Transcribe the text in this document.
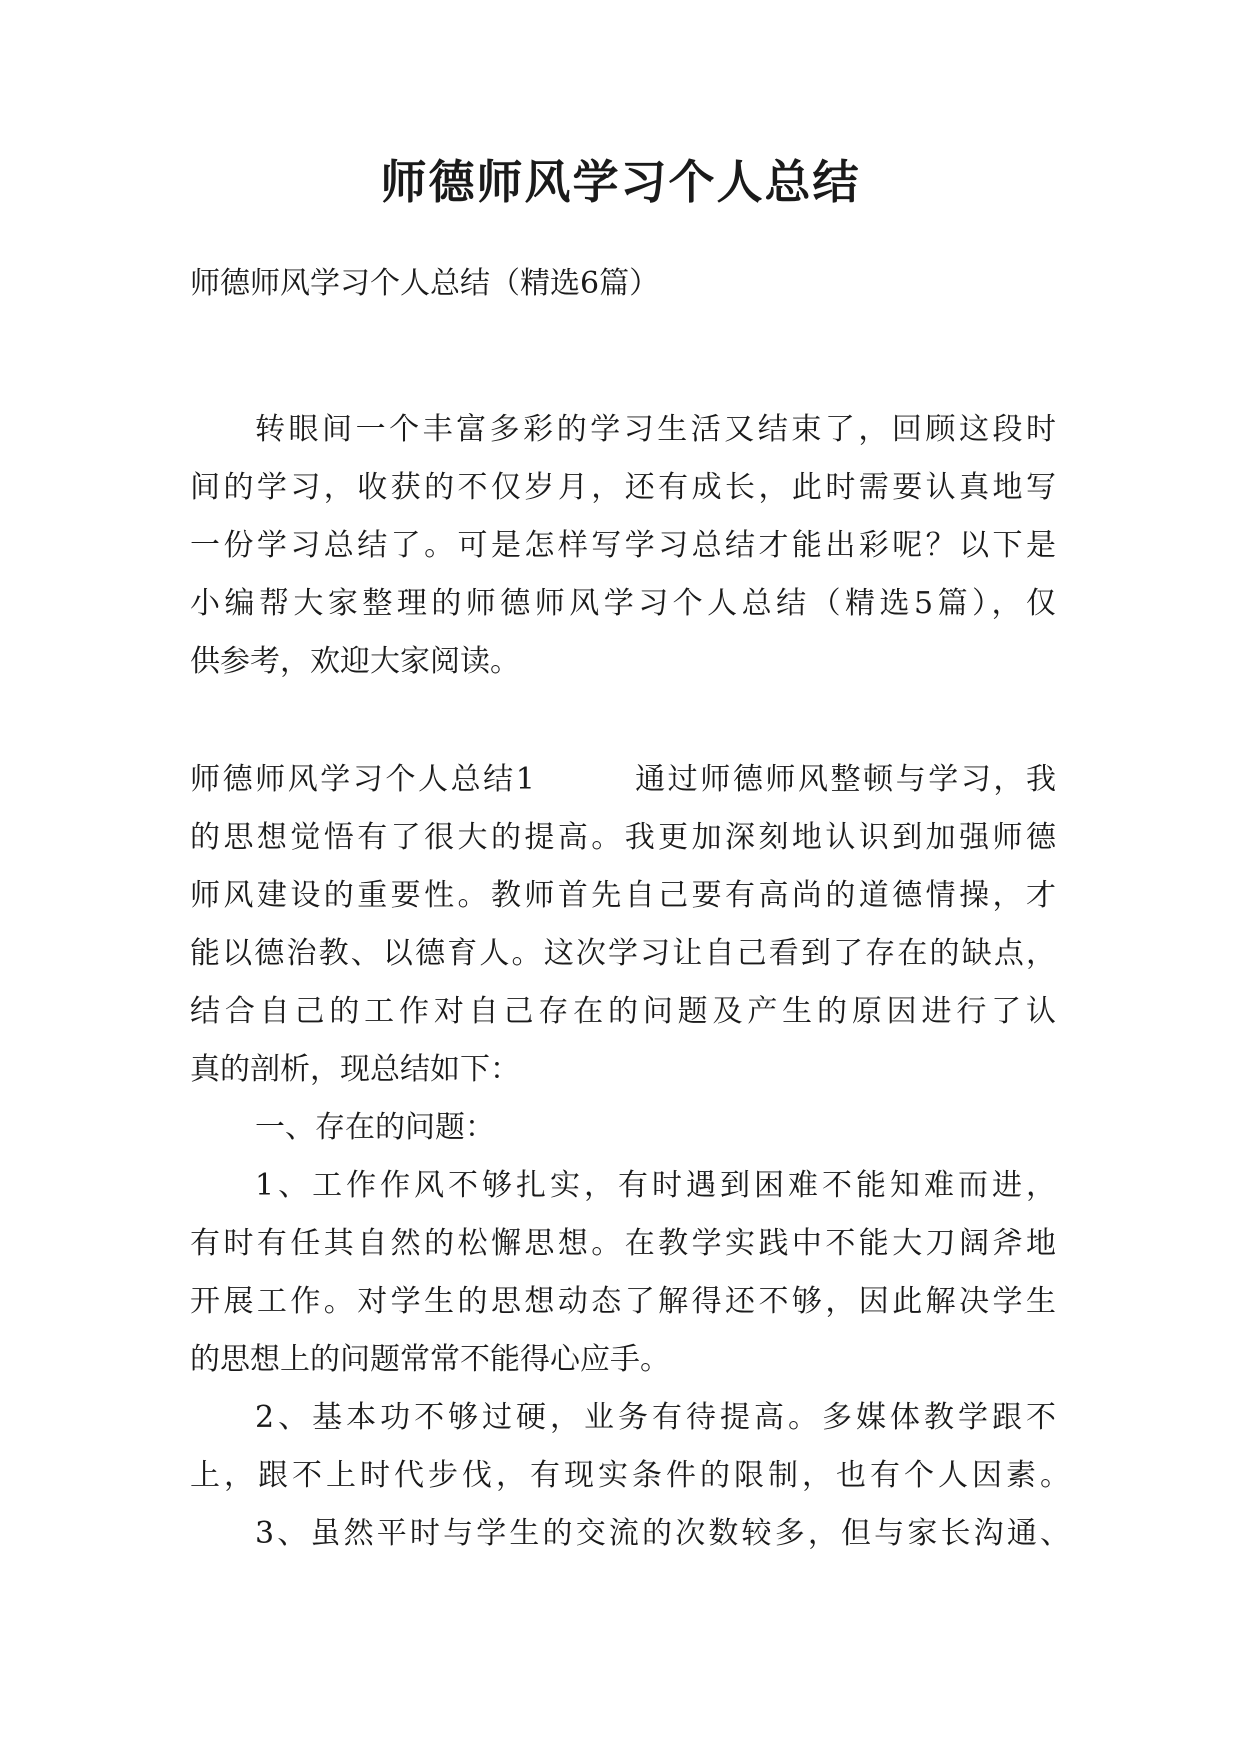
师德师风学习个人总结

师德师风学习个人总结（精选6篇）

转眼间一个丰富多彩的学习生活又结束了，回顾这段时

间的学习，收获的不仅岁月，还有成长，此时需要认真地写

一份学习总结了。可是怎样写学习总结才能出彩呢？以下是

小编帮大家整理的师德师风学习个人总结（精选5篇），仅

供参考，欢迎大家阅读。

师德师风学习个人总结1　　　通过师德师风整顿与学习，我

的思想觉悟有了很大的提高。我更加深刻地认识到加强师德

师风建设的重要性。教师首先自己要有高尚的道德情操，才

能以德治教、以德育人。这次学习让自己看到了存在的缺点，

结合自己的工作对自己存在的问题及产生的原因进行了认

真的剖析，现总结如下：

一、存在的问题：

1、工作作风不够扎实，有时遇到困难不能知难而进，

有时有任其自然的松懈思想。在教学实践中不能大刀阔斧地

开展工作。对学生的思想动态了解得还不够，因此解决学生

的思想上的问题常常不能得心应手。

2、基本功不够过硬，业务有待提高。多媒体教学跟不

上，跟不上时代步伐，有现实条件的限制，也有个人因素。

3、虽然平时与学生的交流的次数较多，但与家长沟通、
